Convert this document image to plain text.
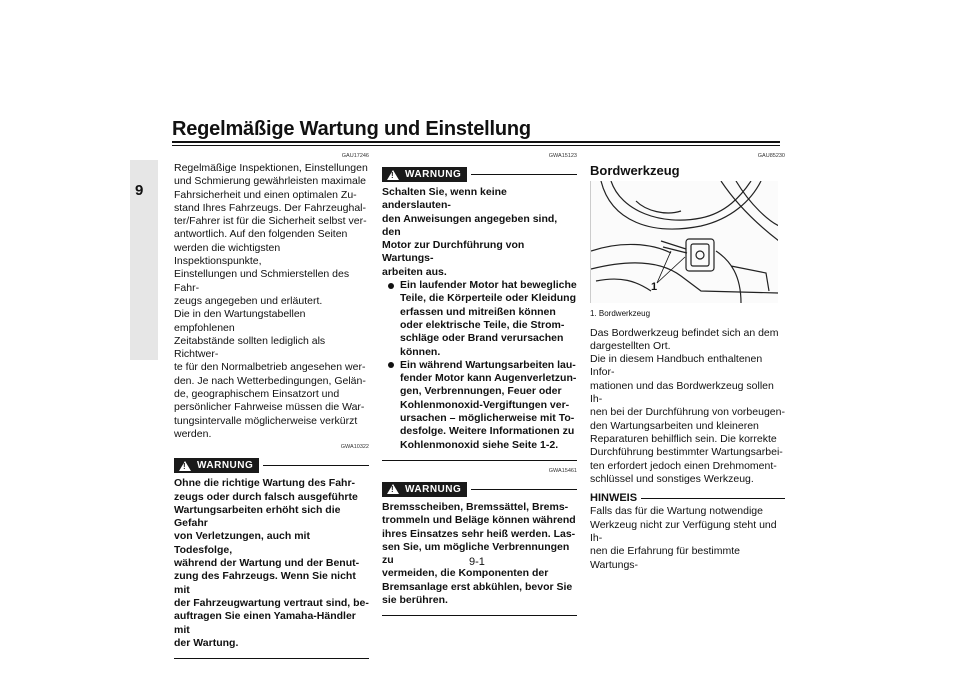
Regelmäßige Wartung und Einstellung
9
GAU17246
Regelmäßige Inspektionen, Einstellungen
und Schmierung gewährleisten maximale
Fahrsicherheit und einen optimalen Zu-
stand Ihres Fahrzeugs. Der Fahrzeughal-
ter/Fahrer ist für die Sicherheit selbst ver-
antwortlich. Auf den folgenden Seiten
werden die wichtigsten Inspektionspunkte,
Einstellungen und Schmierstellen des Fahr-
zeugs angegeben und erläutert.
Die in den Wartungstabellen empfohlenen
Zeitabstände sollten lediglich als Richtwer-
te für den Normalbetrieb angesehen wer-
den. Je nach Wetterbedingungen, Gelän-
de, geographischem Einsatzort und
persönlicher Fahrweise müssen die War-
tungsintervalle möglicherweise verkürzt
werden.
GWA10322
!
WARNUNG
Ohne die richtige Wartung des Fahr-
zeugs oder durch falsch ausgeführte
Wartungsarbeiten erhöht sich die Gefahr
von Verletzungen, auch mit Todesfolge,
während der Wartung und der Benut-
zung des Fahrzeugs. Wenn Sie nicht mit
der Fahrzeugwartung vertraut sind, be-
auftragen Sie einen Yamaha-Händler mit
der Wartung.
GWA15123
!
WARNUNG
Schalten Sie, wenn keine anderslauten-
den Anweisungen angegeben sind, den
Motor zur Durchführung von Wartungs-
arbeiten aus.
Ein laufender Motor hat bewegliche
Teile, die Körperteile oder Kleidung
erfassen und mitreißen können
oder elektrische Teile, die Strom-
schläge oder Brand verursachen
können.
Ein während Wartungsarbeiten lau-
fender Motor kann Augenverletzun-
gen, Verbrennungen, Feuer oder
Kohlenmonoxid-Vergiftungen ver-
ursachen – möglicherweise mit To-
desfolge. Weitere Informationen zu
Kohlenmonoxid siehe Seite 1-2.
GWA15461
!
WARNUNG
Bremsscheiben, Bremssättel, Brems-
trommeln und Beläge können während
ihres Einsatzes sehr heiß werden. Las-
sen Sie, um mögliche Verbrennungen zu
vermeiden, die Komponenten der
Bremsanlage erst abkühlen, bevor Sie
sie berühren.
GAU85230
Bordwerkzeug
1
1. Bordwerkzeug
Das Bordwerkzeug befindet sich an dem
dargestellten Ort.
Die in diesem Handbuch enthaltenen Infor-
mationen und das Bordwerkzeug sollen Ih-
nen bei der Durchführung von vorbeugen-
den Wartungsarbeiten und kleineren
Reparaturen behilflich sein. Die korrekte
Durchführung bestimmter Wartungsarbei-
ten erfordert jedoch einen Drehmoment-
schlüssel und sonstiges Werkzeug.
HINWEIS
Falls das für die Wartung notwendige
Werkzeug nicht zur Verfügung steht und Ih-
nen die Erfahrung für bestimmte Wartungs-
9-1
